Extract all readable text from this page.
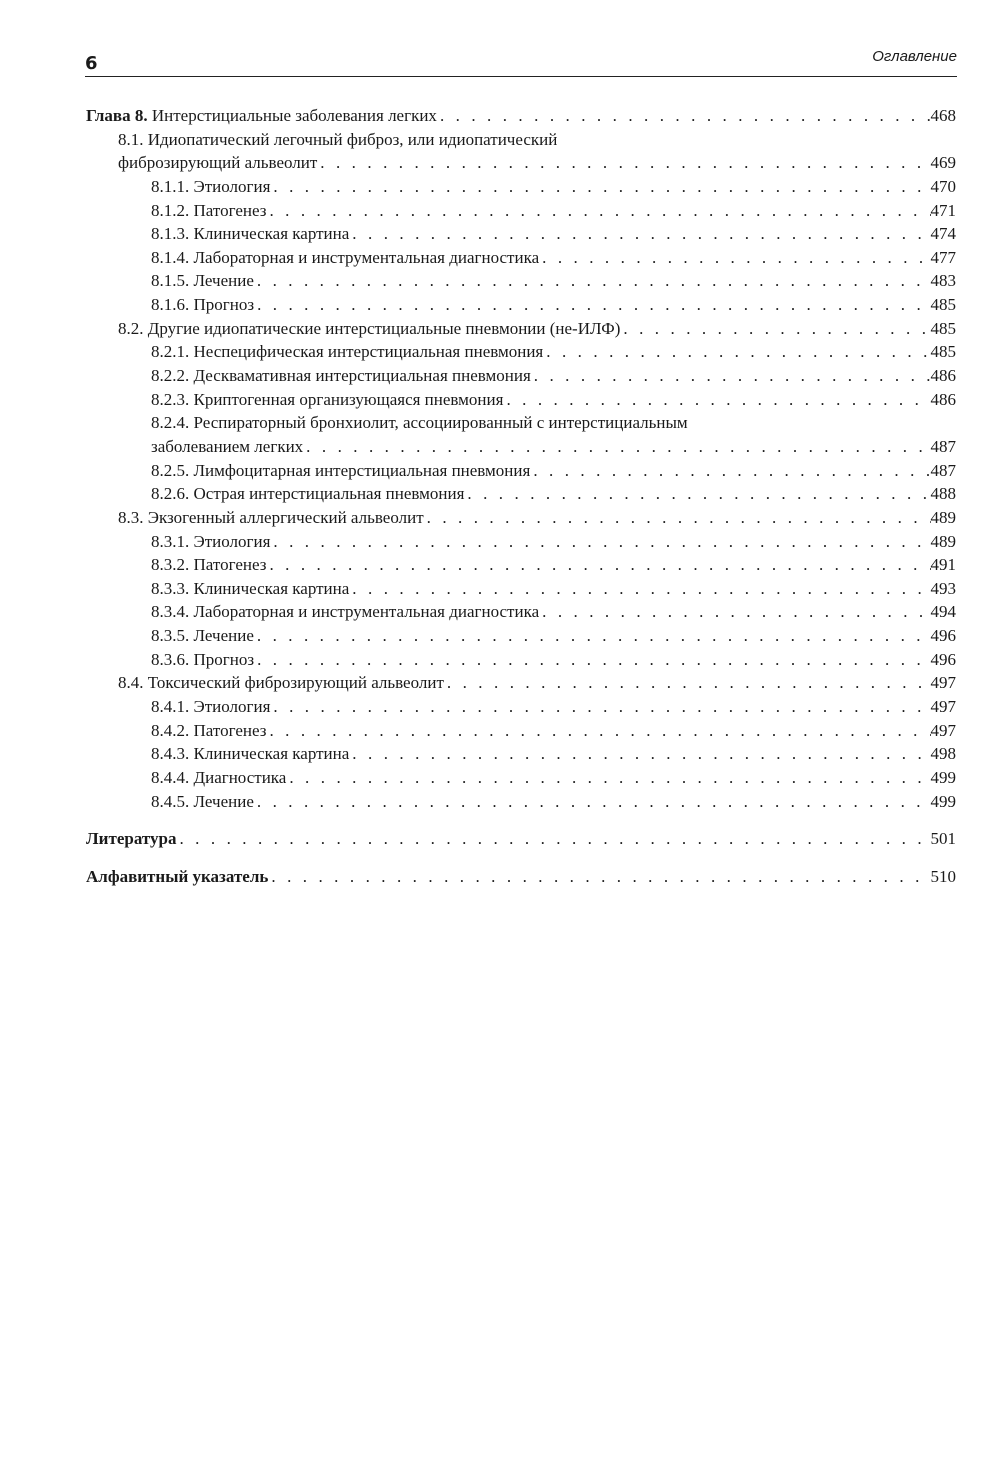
6	Оглавление
Глава 8. Интерстициальные заболевания легких . . .	468
8.1. Идиопатический легочный фиброз, или идиопатический
фиброзирующий альвеолит . . .	469
8.1.1. Этиология . . .	470
8.1.2. Патогенез . . .	471
8.1.3. Клиническая картина . . .	474
8.1.4. Лабораторная и инструментальная диагностика . . .	477
8.1.5. Лечение . . .	483
8.1.6. Прогноз . . .	485
8.2. Другие идиопатические интерстициальные пневмонии (не-ИЛФ) . . .	485
8.2.1. Неспецифическая интерстициальная пневмония . . .	485
8.2.2. Десквамативная интерстициальная пневмония . . .	486
8.2.3. Криптогенная организующаяся пневмония . . .	486
8.2.4. Респираторный бронхиолит, ассоциированный с интерстициальным
заболеванием легких . . .	487
8.2.5. Лимфоцитарная интерстициальная пневмония . . .	487
8.2.6. Острая интерстициальная пневмония . . .	488
8.3. Экзогенный аллергический альвеолит . . .	489
8.3.1. Этиология . . .	489
8.3.2. Патогенез . . .	491
8.3.3. Клиническая картина . . .	493
8.3.4. Лабораторная и инструментальная диагностика . . .	494
8.3.5. Лечение . . .	496
8.3.6. Прогноз . . .	496
8.4. Токсический фиброзирующий альвеолит . . .	497
8.4.1. Этиология . . .	497
8.4.2. Патогенез . . .	497
8.4.3. Клиническая картина . . .	498
8.4.4. Диагностика . . .	499
8.4.5. Лечение . . .	499
Литература . . .	501
Алфавитный указатель . . .	510
